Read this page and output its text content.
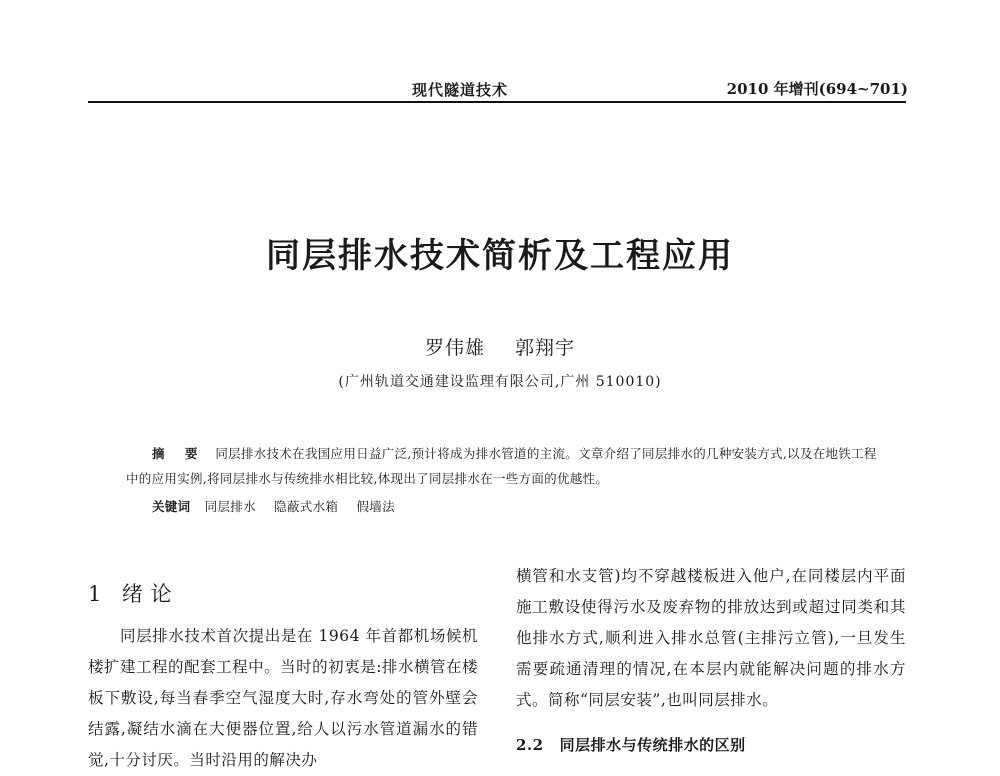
现代隧道技术	2010 年增刊(694~701)
同层排水技术简析及工程应用
罗伟雄 郭翔宇
(广州轨道交通建设监理有限公司,广州 510010)
摘 要 同层排水技术在我国应用日益广泛,预计将成为排水管道的主流。文章介绍了同层排水的几种安装方式,以及在地铁工程中的应用实例,将同层排水与传统排水相比较,体现出了同层排水在一些方面的优越性。
关键词 同层排水 隐蔽式水箱 假墙法
1 绪 论

同层排水技术首次提出是在 1964 年首都机场候机楼扩建工程的配套工程中。当时的初衷是:排水横管在楼板下敷设,每当春季空气湿度大时,存水弯处的管外壁会结露,凝结水滴在大便器位置,给人以污水管道漏水的错觉,十分讨厌。当时沿用的解决办

横管和水支管)均不穿越楼板进入他户,在同楼层内平面施工敷设使得污水及废弃物的排放达到或超过同类和其他排水方式,顺利进入排水总管(主排污立管),一旦发生需要疏通清理的情况,在本层内就能解决问题的排水方式。简称“同层安装”,也叫同层排水。

2.2 同层排水与传统排水的区别
